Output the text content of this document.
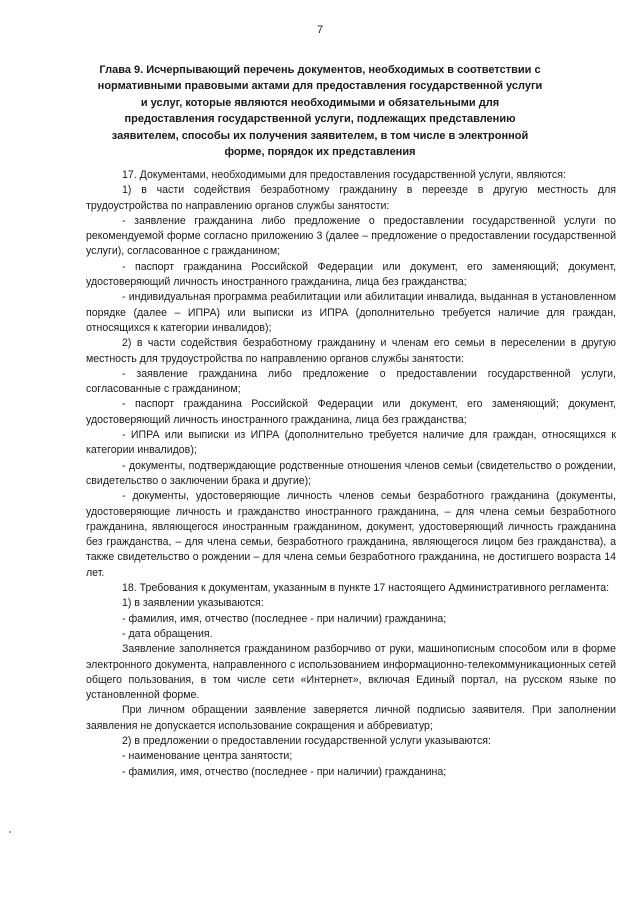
7
Глава 9. Исчерпывающий перечень документов, необходимых в соответствии с нормативными правовыми актами для предоставления государственной услуги и услуг, которые являются необходимыми и обязательными для предоставления государственной услуги, подлежащих представлению заявителем, способы их получения заявителем, в том числе в электронной форме, порядок их представления

17. Документами, необходимыми для предоставления государственной услуги, являются:

1) в части содействия безработному гражданину в переезде в другую местность для трудоустройства по направлению органов службы занятости:

- заявление гражданина либо предложение о предоставлении государственной услуги по рекомендуемой форме согласно приложению 3 (далее – предложение о предоставлении государственной услуги), согласованное с гражданином;

- паспорт гражданина Российской Федерации или документ, его заменяющий; документ, удостоверяющий личность иностранного гражданина, лица без гражданства;

- индивидуальная программа реабилитации или абилитации инвалида, выданная в установленном порядке (далее – ИПРА) или выписки из ИПРА (дополнительно требуется наличие для граждан, относящихся к категории инвалидов);

2) в части содействия безработному гражданину и членам его семьи в переселении в другую местность для трудоустройства по направлению органов службы занятости:

- заявление гражданина либо предложение о предоставлении государственной услуги, согласованные с гражданином;

- паспорт гражданина Российской Федерации или документ, его заменяющий; документ, удостоверяющий личность иностранного гражданина, лица без гражданства;

- ИПРА или выписки из ИПРА (дополнительно требуется наличие для граждан, относящихся к категории инвалидов);

- документы, подтверждающие родственные отношения членов семьи (свидетельство о рождении, свидетельство о заключении брака и другие);

- документы, удостоверяющие личность членов семьи безработного гражданина (документы, удостоверяющие личность и гражданство иностранного гражданина, – для члена семьи безработного гражданина, являющегося иностранным гражданином, документ, удостоверяющий личность гражданина без гражданства, – для члена семьи, безработного гражданина, являющегося лицом без гражданства), а также свидетельство о рождении – для члена семьи безработного гражданина, не достигшего возраста 14 лет.

18. Требования к документам, указанным в пункте 17 настоящего Административного регламента:

1) в заявлении указываются:

- фамилия, имя, отчество (последнее - при наличии) гражданина;

- дата обращения.

Заявление заполняется гражданином разборчиво от руки, машинописным способом или в форме электронного документа, направленного с использованием информационно-телекоммуникационных сетей общего пользования, в том числе сети «Интернет», включая Единый портал, на русском языке по установленной форме.

При личном обращении заявление заверяется личной подписью заявителя. При заполнении заявления не допускается использование сокращения и аббревиатур;

2) в предложении о предоставлении государственной услуги указываются:

- наименование центра занятости;

- фамилия, имя, отчество (последнее - при наличии) гражданина;
